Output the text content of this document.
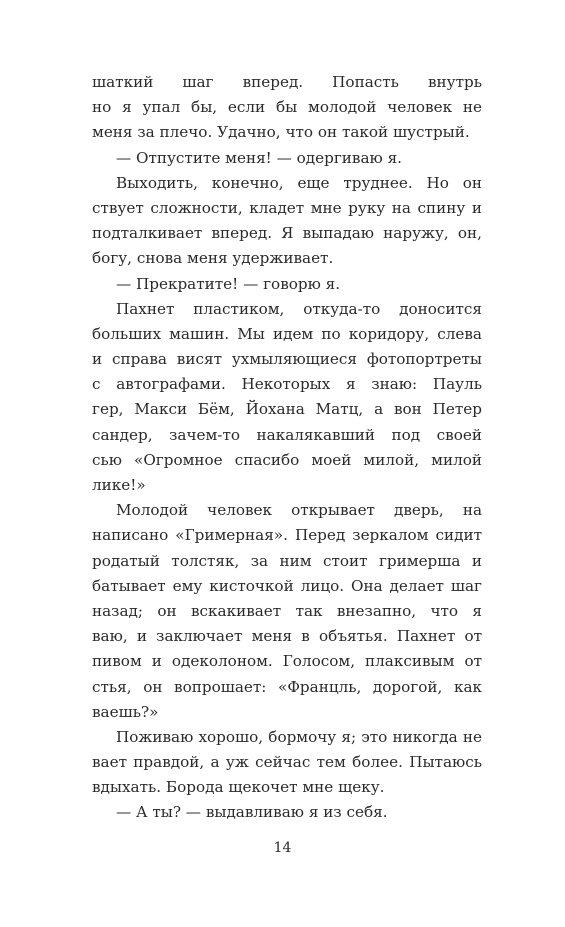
шаткий шаг вперед. Попасть внутрь
но я упал бы, если бы молодой человек не
меня за плечо. Удачно, что он такой шустрый.
— Отпустите меня! — одергиваю я.
Выходить, конечно, еще труднее. Но он
ствует сложности, кладет мне руку на спину и
подталкивает вперед. Я выпадаю наружу, он,
богу, снова меня удерживает.
— Прекратите! — говорю я.
Пахнет пластиком, откуда-то доносится
больших машин. Мы идем по коридору, слева
и справа висят ухмыляющиеся фотопортреты
с автографами. Некоторых я знаю: Пауль
гер, Макси Бём, Йохана Матц, а вон Петер
сандер, зачем-то накалякавший под своей
сью «Огромное спасибо моей милой, милой
лике!»
Молодой человек открывает дверь, на
написано «Гримерная». Перед зеркалом сидит
родатый толстяк, за ним стоит гримерша и
батывает ему кисточкой лицо. Она делает шаг
назад; он вскакивает так внезапно, что я
ваю, и заключает меня в объятья. Пахнет от
пивом и одеколоном. Голосом, плаксивым от
стья, он вопрошает: «Францль, дорогой, как
ваешь?»
Поживаю хорошо, бормочу я; это никогда не
вает правдой, а уж сейчас тем более. Пытаюсь
вдыхать. Борода щекочет мне щеку.
— А ты? — выдавливаю я из себя.
14
